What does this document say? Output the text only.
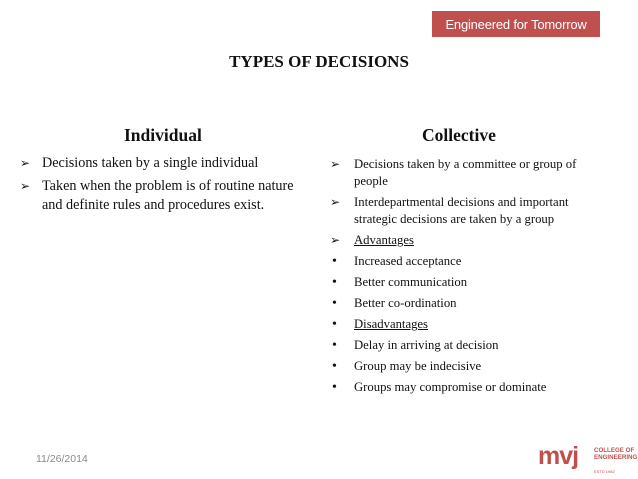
Engineered for Tomorrow
TYPES OF DECISIONS
Individual	Collective
➢ Decisions taken by a single individual
➢ Taken when the problem is of routine nature and definite rules and procedures exist.
➢	Decisions taken by a committee or group of people
➢	Interdepartmental decisions and important strategic decisions are taken by a group
➢	Advantages
•	Increased acceptance
•	Better communication
•	Better co-ordination
•	Disadvantages
•	Delay in arriving at decision
•	Group may be indecisive
•	Groups may compromise or dominate
11/26/2014	mvj	COLLEGE OF
ENGINEERING
ESTD 1982
